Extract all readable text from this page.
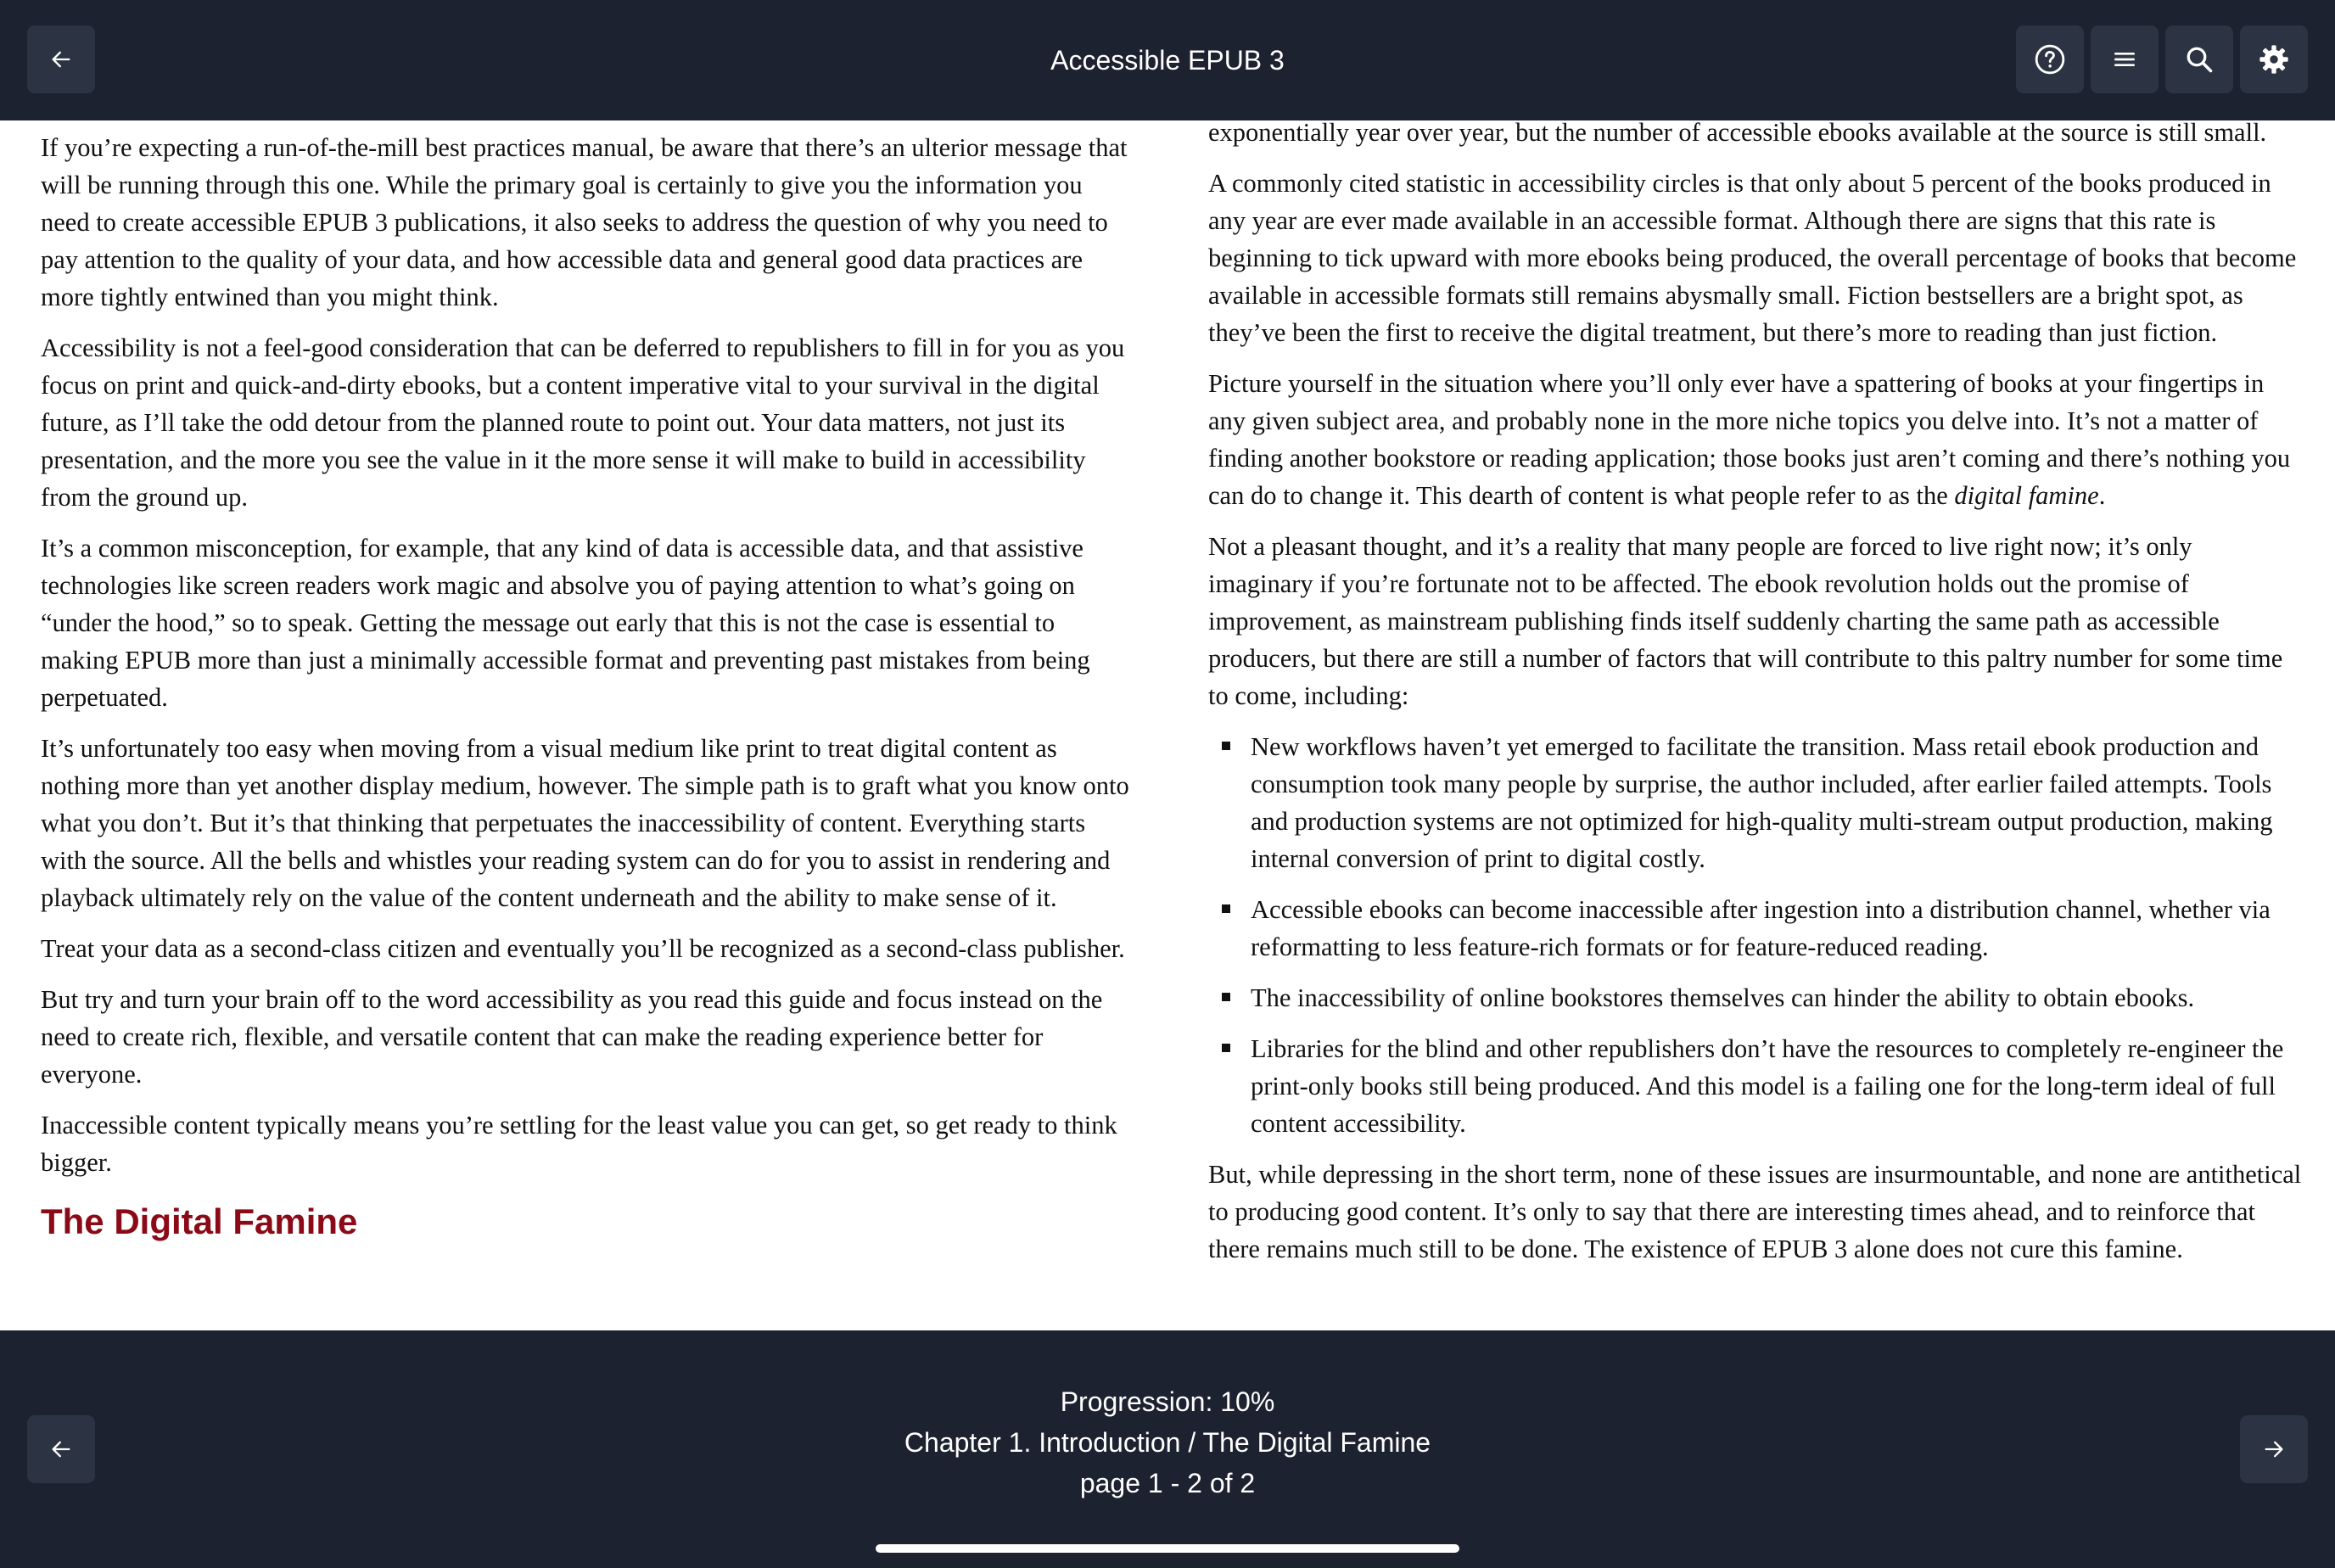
Accessible EPUB 3

If you’re expecting a run-of-the-mill best practices manual, be aware that there’s an ulterior message that will be running through this one. While the primary goal is certainly to give you the information you need to create accessible EPUB 3 publications, it also seeks to address the question of why you need to pay attention to the quality of your data, and how accessible data and general good data practices are more tightly entwined than you might think.

Accessibility is not a feel-good consideration that can be deferred to republishers to fill in for you as you focus on print and quick-and-dirty ebooks, but a content imperative vital to your survival in the digital future, as I’ll take the odd detour from the planned route to point out. Your data matters, not just its presentation, and the more you see the value in it the more sense it will make to build in accessibility from the ground up.

It’s a common misconception, for example, that any kind of data is accessible data, and that assistive technologies like screen readers work magic and absolve you of paying attention to what’s going on “under the hood,” so to speak. Getting the message out early that this is not the case is essential to making EPUB more than just a minimally accessible format and preventing past mistakes from being perpetuated.

It’s unfortunately too easy when moving from a visual medium like print to treat digital content as nothing more than yet another display medium, however. The simple path is to graft what you know onto what you don’t. But it’s that thinking that perpetuates the inaccessibility of content. Everything starts with the source. All the bells and whistles your reading system can do for you to assist in rendering and playback ultimately rely on the value of the content underneath and the ability to make sense of it.

Treat your data as a second-class citizen and eventually you’ll be recognized as a second-class publisher.

But try and turn your brain off to the word accessibility as you read this guide and focus instead on the need to create rich, flexible, and versatile content that can make the reading experience better for everyone.

Inaccessible content typically means you’re settling for the least value you can get, so get ready to think bigger.

The Digital Famine

exponentially year over year, but the number of accessible ebooks available at the source is still small.

A commonly cited statistic in accessibility circles is that only about 5 percent of the books produced in any year are ever made available in an accessible format. Although there are signs that this rate is beginning to tick upward with more ebooks being produced, the overall percentage of books that become available in accessible formats still remains abysmally small. Fiction bestsellers are a bright spot, as they’ve been the first to receive the digital treatment, but there’s more to reading than just fiction.

Picture yourself in the situation where you’ll only ever have a spattering of books at your fingertips in any given subject area, and probably none in the more niche topics you delve into. It’s not a matter of finding another bookstore or reading application; those books just aren’t coming and there’s nothing you can do to change it. This dearth of content is what people refer to as the digital famine.

Not a pleasant thought, and it’s a reality that many people are forced to live right now; it’s only imaginary if you’re fortunate not to be affected. The ebook revolution holds out the promise of improvement, as mainstream publishing finds itself suddenly charting the same path as accessible producers, but there are still a number of factors that will contribute to this paltry number for some time to come, including:

New workflows haven’t yet emerged to facilitate the transition. Mass retail ebook production and consumption took many people by surprise, the author included, after earlier failed attempts. Tools and production systems are not optimized for high-quality multi-stream output production, making internal conversion of print to digital costly.
Accessible ebooks can become inaccessible after ingestion into a distribution channel, whether via reformatting to less feature-rich formats or for feature-reduced reading.
The inaccessibility of online bookstores themselves can hinder the ability to obtain ebooks.
Libraries for the blind and other republishers don’t have the resources to completely re-engineer the print-only books still being produced. And this model is a failing one for the long-term ideal of full content accessibility.

But, while depressing in the short term, none of these issues are insurmountable, and none are antithetical to producing good content. It’s only to say that there are interesting times ahead, and to reinforce that there remains much still to be done. The existence of EPUB 3 alone does not cure this famine.

Progression: 10%
Chapter 1. Introduction / The Digital Famine
page 1 - 2 of 2
